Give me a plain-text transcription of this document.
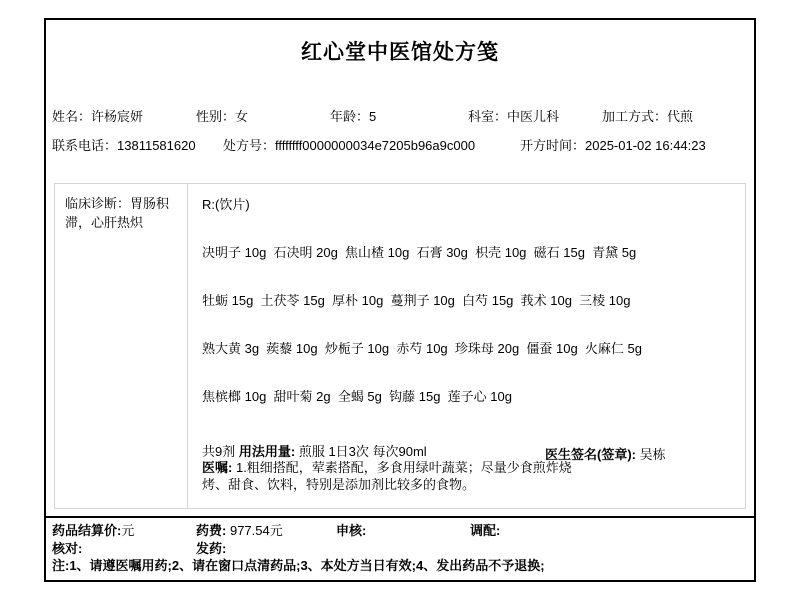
红心堂中医馆处方笺
姓名：许杨宸妍	性别：女	年龄：5	科室：中医儿科	加工方式：代煎
联系电话：13811581620 处方号：ffffffff0000000034e7205b96a9c000	开方时间：2025-01-02 16:44:23
临床诊断：胃肠积滞，心肝热炽
R:(饮片)
决明子 10g  石决明 20g  焦山楂 10g  石膏 30g  枳壳 10g  磁石 15g  青黛 5g
牡蛎 15g  土茯苓 15g  厚朴 10g  蔓荆子 10g  白芍 15g  莪术 10g  三棱 10g
熟大黄 3g  蒺藜 10g  炒栀子 10g  赤芍 10g  珍珠母 20g  僵蚕 10g  火麻仁 5g
焦槟榔 10g  甜叶菊 2g  全蝎 5g  钩藤 15g  莲子心 10g
共9剂 用法用量: 煎服 1日3次 每次90ml
医嘱: 1.粗细搭配，荤素搭配，多食用绿叶蔬菜；尽量少食煎炸烧烤、甜食、饮料，特别是添加剂比较多的食物。
医生签名(签章): 吴栋
药品结算价:元	药费: 977.54元	申核:	调配:
核对:	发药:
注:1、请遵医嘱用药;2、请在窗口点清药品;3、本处方当日有效;4、发出药品不予退换;
